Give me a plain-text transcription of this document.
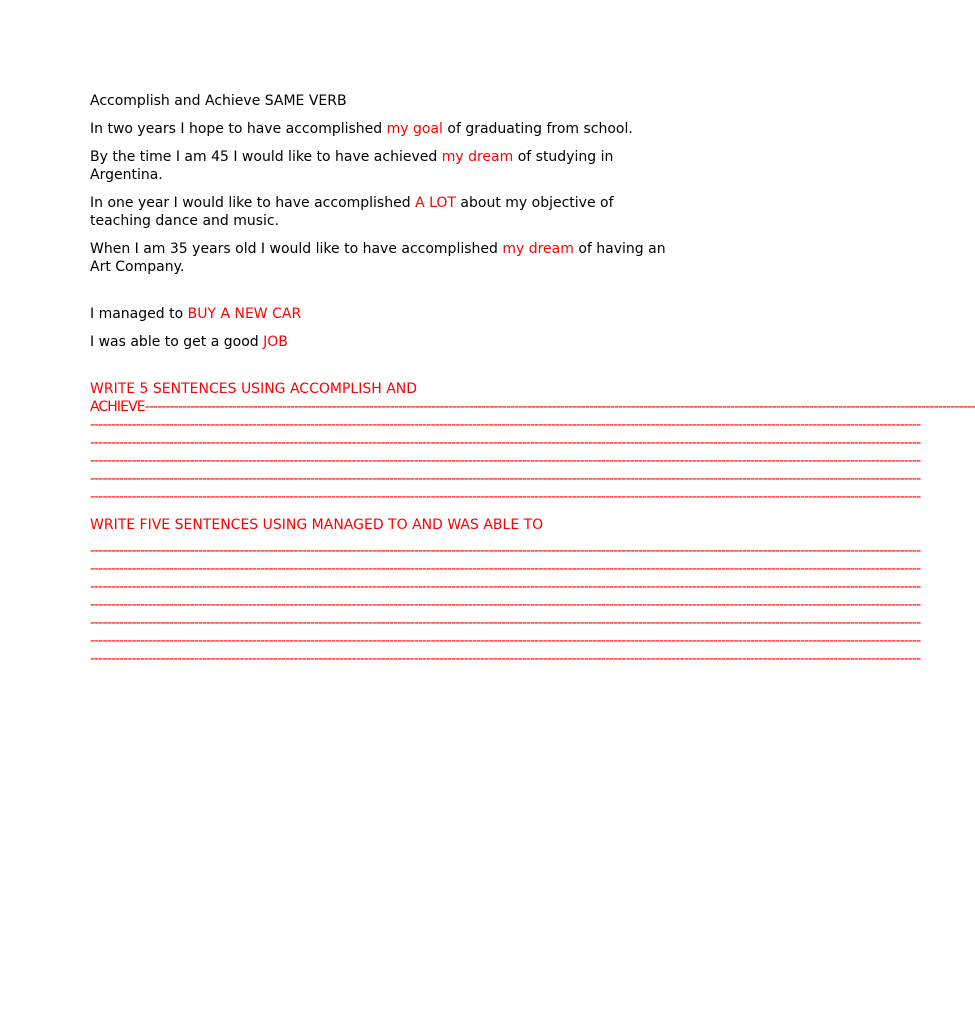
Accomplish and Achieve SAME VERB

In two years I hope to have accomplished my goal of graduating from school.

By the time I am 45 I would like to have achieved my dream of studying in Argentina.

In one year I would like to have accomplished A LOT about my objective of teaching dance and music.

When I am 35 years old I would like to have accomplished my dream of having an Art Company.

I managed to BUY A NEW CAR

I was able to get a good JOB

WRITE 5 SENTENCES USING ACCOMPLISH AND
ACHIEVE--------------------------------------------------------------------------------------------------------------------------------------------------------------------------------------------------------
--------------------------------------------------------------------------------------------------------------------------------------------------------------------------------------------------------
--------------------------------------------------------------------------------------------------------------------------------------------------------------------------------------------------------
--------------------------------------------------------------------------------------------------------------------------------------------------------------------------------------------------------
--------------------------------------------------------------------------------------------------------------------------------------------------------------------------------------------------------
--------------------------------------------------------------------------------------------------------------------------------------------------------------------------------------------------------

WRITE FIVE SENTENCES USING MANAGED TO AND WAS ABLE TO

--------------------------------------------------------------------------------------------------------------------------------------------------------------------------------------------------------
--------------------------------------------------------------------------------------------------------------------------------------------------------------------------------------------------------
--------------------------------------------------------------------------------------------------------------------------------------------------------------------------------------------------------
--------------------------------------------------------------------------------------------------------------------------------------------------------------------------------------------------------
--------------------------------------------------------------------------------------------------------------------------------------------------------------------------------------------------------
--------------------------------------------------------------------------------------------------------------------------------------------------------------------------------------------------------
--------------------------------------------------------------------------------------------------------------------------------------------------------------------------------------------------------
